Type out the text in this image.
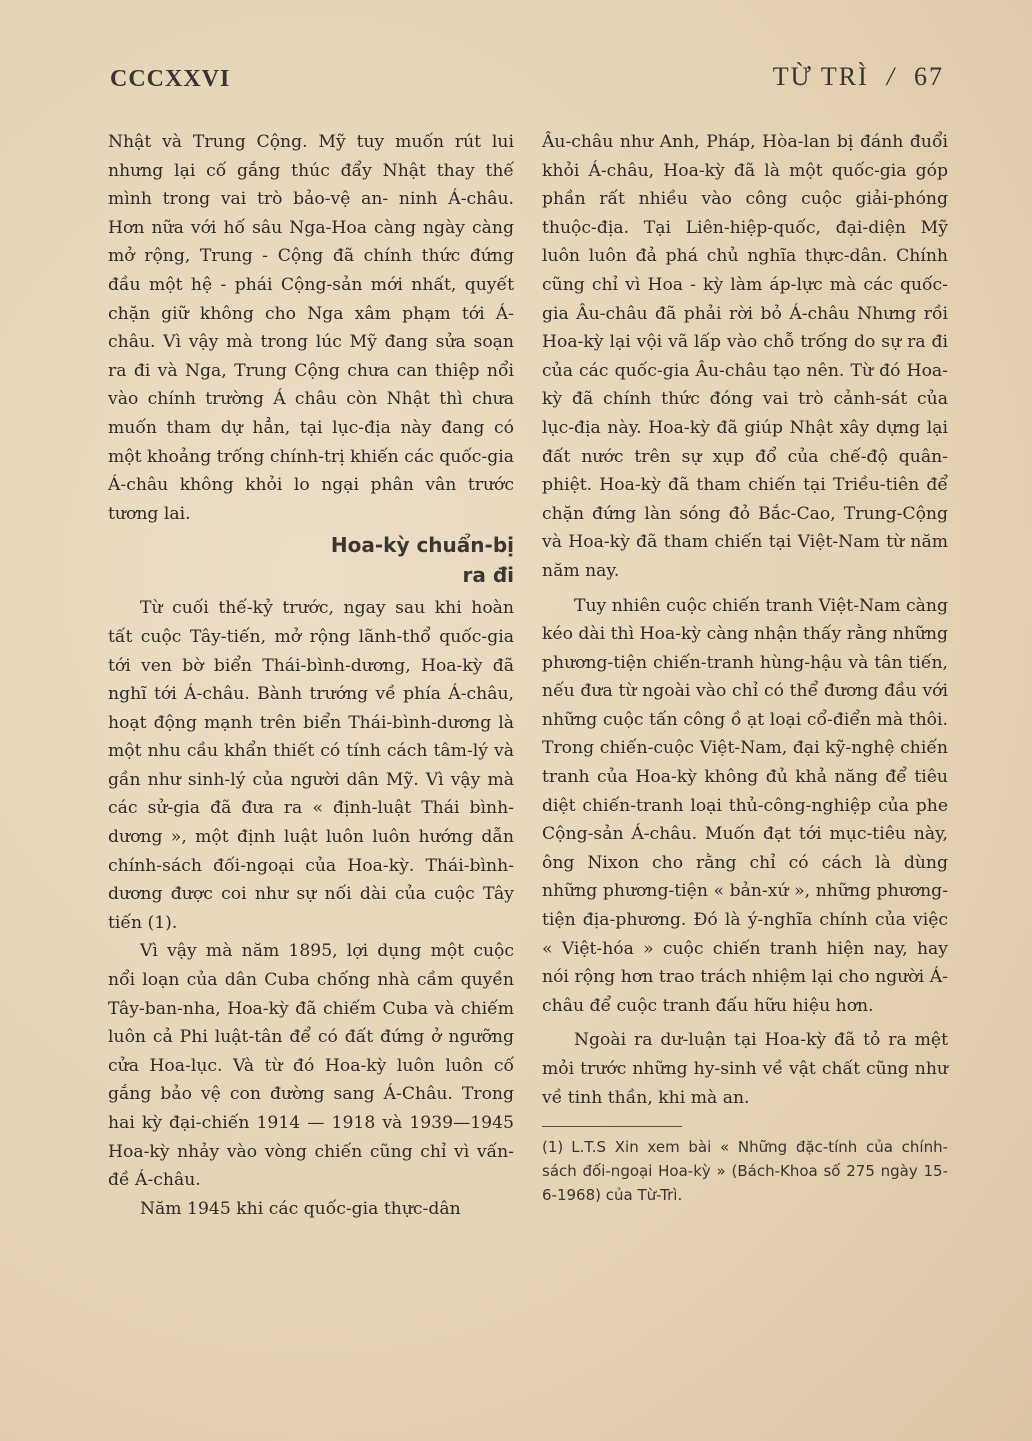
CCCXXVI	TỪ TRÌ / 67

Nhật và Trung Cộng. Mỹ tuy muốn rút lui nhưng lại cố gắng thúc đẩy Nhật thay thế mình trong vai trò bảo-vệ an- ninh Á-châu. Hơn nữa với hố sâu Nga-Hoa càng ngày càng mở rộng, Trung - Cộng đã chính thức đứng đầu một hệ - phái Cộng-sản mới nhất, quyết chặn giữ không cho Nga xâm phạm tới Á-châu. Vì vậy mà trong lúc Mỹ đang sửa soạn ra đi và Nga, Trung Cộng chưa can thiệp nổi vào chính trường Á châu còn Nhật thì chưa muốn tham dự hẳn, tại lục-địa này đang có một khoảng trống chính-trị khiến các quốc-gia Á-châu không khỏi lo ngại phân vân trước tương lai.

Hoa-kỳ chuẩn-bị
ra đi

Từ cuối thế-kỷ trước, ngay sau khi hoàn tất cuộc Tây-tiến, mở rộng lãnh-thổ quốc-gia tới ven bờ biển Thái-bình-dương, Hoa-kỳ đã nghĩ tới Á-châu. Bành trướng về phía Á-châu, hoạt động mạnh trên biển Thái-bình-dương là một nhu cầu khẩn thiết có tính cách tâm-lý và gần như sinh-lý của người dân Mỹ. Vì vậy mà các sử-gia đã đưa ra « định-luật Thái bình-dương », một định luật luôn luôn hướng dẫn chính-sách đối-ngoại của Hoa-kỳ. Thái-bình-dương được coi như sự nối dài của cuộc Tây tiến (1).

Vì vậy mà năm 1895, lợi dụng một cuộc nổi loạn của dân Cuba chống nhà cầm quyền Tây-ban-nha, Hoa-kỳ đã chiếm Cuba và chiếm luôn cả Phi luật-tân để có đất đứng ở ngưỡng cửa Hoa-lục. Và từ đó Hoa-kỳ luôn luôn cố gắng bảo vệ con đường sang Á-Châu. Trong hai kỳ đại-chiến 1914 — 1918 và 1939—1945 Hoa-kỳ nhảy vào vòng chiến cũng chỉ vì vấn-đề Á-châu.

Năm 1945 khi các quốc-gia thực-dân

Âu-châu như Anh, Pháp, Hòa-lan bị đánh đuổi khỏi Á-châu, Hoa-kỳ đã là một quốc-gia góp phần rất nhiều vào công cuộc giải-phóng thuộc-địa. Tại Liên-hiệp-quốc, đại-diện Mỹ luôn luôn đả phá chủ nghĩa thực-dân. Chính cũng chỉ vì Hoa - kỳ làm áp-lực mà các quốc-gia Âu-châu đã phải rời bỏ Á-châu Nhưng rồi Hoa-kỳ lại vội vã lấp vào chỗ trống do sự ra đi của các quốc-gia Âu-châu tạo nên. Từ đó Hoa-kỳ đã chính thức đóng vai trò cảnh-sát của lục-địa này. Hoa-kỳ đã giúp Nhật xây dựng lại đất nước trên sự xụp đổ của chế-độ quân-phiệt. Hoa-kỳ đã tham chiến tại Triều-tiên để chặn đứng làn sóng đỏ Bắc-Cao, Trung-Cộng và Hoa-kỳ đã tham chiến tại Việt-Nam từ năm năm nay.

Tuy nhiên cuộc chiến tranh Việt-Nam càng kéo dài thì Hoa-kỳ càng nhận thấy rằng những phương-tiện chiến-tranh hùng-hậu và tân tiến, nếu đưa từ ngoài vào chỉ có thể đương đầu với những cuộc tấn công ồ ạt loại cổ-điển mà thôi. Trong chiến-cuộc Việt-Nam, đại kỹ-nghệ chiến tranh của Hoa-kỳ không đủ khả năng để tiêu diệt chiến-tranh loại thủ-công-nghiệp của phe Cộng-sản Á-châu. Muốn đạt tới mục-tiêu này, ông Nixon cho rằng chỉ có cách là dùng những phương-tiện « bản-xứ », những phương-tiện địa-phương. Đó là ý-nghĩa chính của việc « Việt-hóa » cuộc chiến tranh hiện nay, hay nói rộng hơn trao trách nhiệm lại cho người Á-châu để cuộc tranh đấu hữu hiệu hơn.

Ngoài ra dư-luận tại Hoa-kỳ đã tỏ ra mệt mỏi trước những hy-sinh về vật chất cũng như về tinh thần, khi mà an.

(1) L.T.S Xin xem bài « Những đặc-tính của chính- sách đối-ngoại Hoa-kỳ » (Bách-Khoa số 275 ngày 15-6-1968) của Từ-Trì.
